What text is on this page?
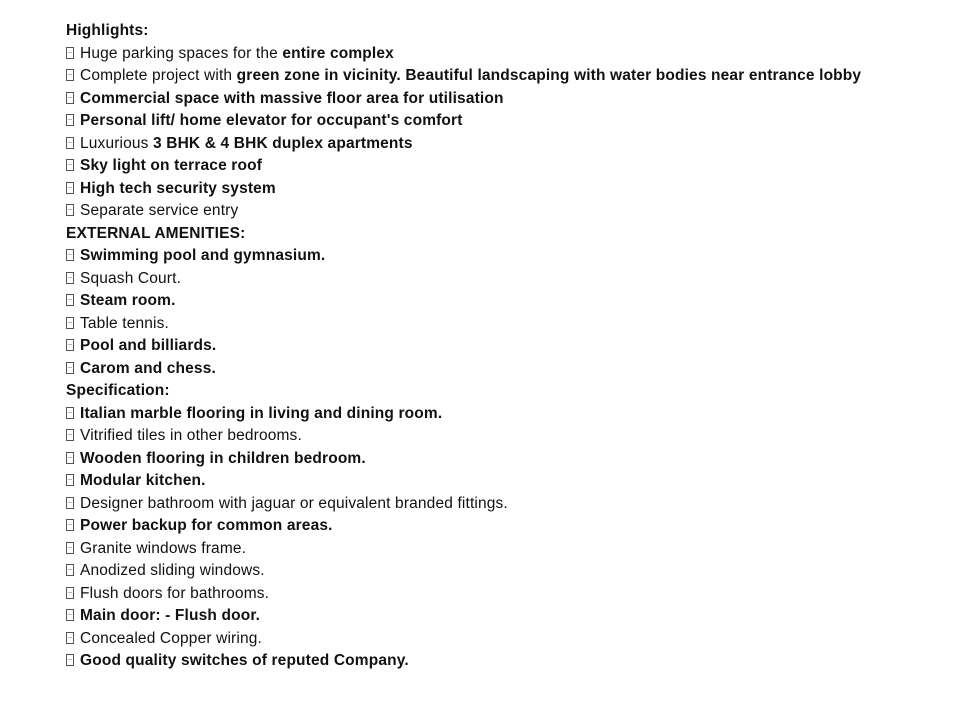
Highlights:
Huge parking spaces for the entire complex
Complete project with green zone in vicinity. Beautiful landscaping with water bodies near entrance lobby
Commercial space with massive floor area for utilisation
Personal lift/ home elevator for occupant's comfort
Luxurious 3 BHK & 4 BHK duplex apartments
Sky light on terrace roof
High tech security system
Separate service entry
EXTERNAL AMENITIES:
Swimming pool and gymnasium.
Squash Court.
Steam room.
Table tennis.
Pool and billiards.
Carom and chess.
Specification:
Italian marble flooring in living and dining room.
Vitrified tiles in other bedrooms.
Wooden flooring in children bedroom.
Modular kitchen.
Designer bathroom with jaguar or equivalent branded fittings.
Power backup for common areas.
Granite windows frame.
Anodized sliding windows.
Flush doors for bathrooms.
Main door: - Flush door.
Concealed Copper wiring.
Good quality switches of reputed Company.
